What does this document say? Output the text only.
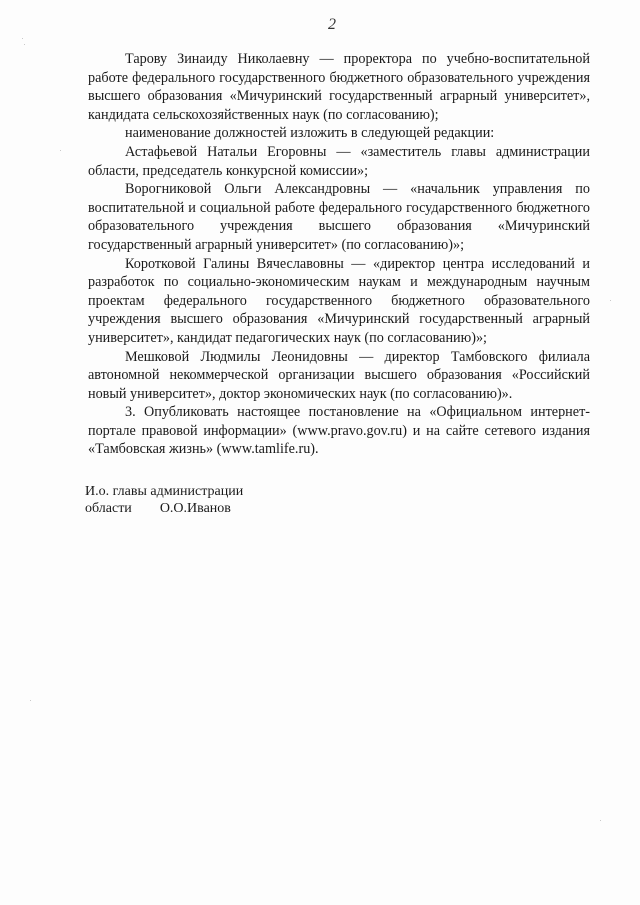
2

Тарову Зинаиду Николаевну — проректора по учебно-воспитательной работе федерального государственного бюджетного образовательного учреждения высшего образования «Мичуринский государственный аграрный университет», кандидата сельскохозяйственных наук (по согласованию);

наименование должностей изложить в следующей редакции:

Астафьевой Натальи Егоровны — «заместитель главы администрации области, председатель конкурсной комиссии»;

Ворогниковой Ольги Александровны — «начальник управления по воспитательной и социальной работе федерального государственного бюджетного образовательного учреждения высшего образования «Мичуринский государственный аграрный университет» (по согласованию)»;

Коротковой Галины Вячеславовны — «директор центра исследований и разработок по социально-экономическим наукам и международным научным проектам федерального государственного бюджетного образовательного учреждения высшего образования «Мичуринский государственный аграрный университет», кандидат педагогических наук (по согласованию)»;

Мешковой Людмилы Леонидовны — директор Тамбовского филиала автономной некоммерческой организации высшего образования «Российский новый университет», доктор экономических наук (по согласованию)».

3. Опубликовать настоящее постановление на «Официальном интернет-портале правовой информации» (www.pravo.gov.ru) и на сайте сетевого издания «Тамбовская жизнь» (www.tamlife.ru).

И.о. главы администрации
области О.О.Иванов
